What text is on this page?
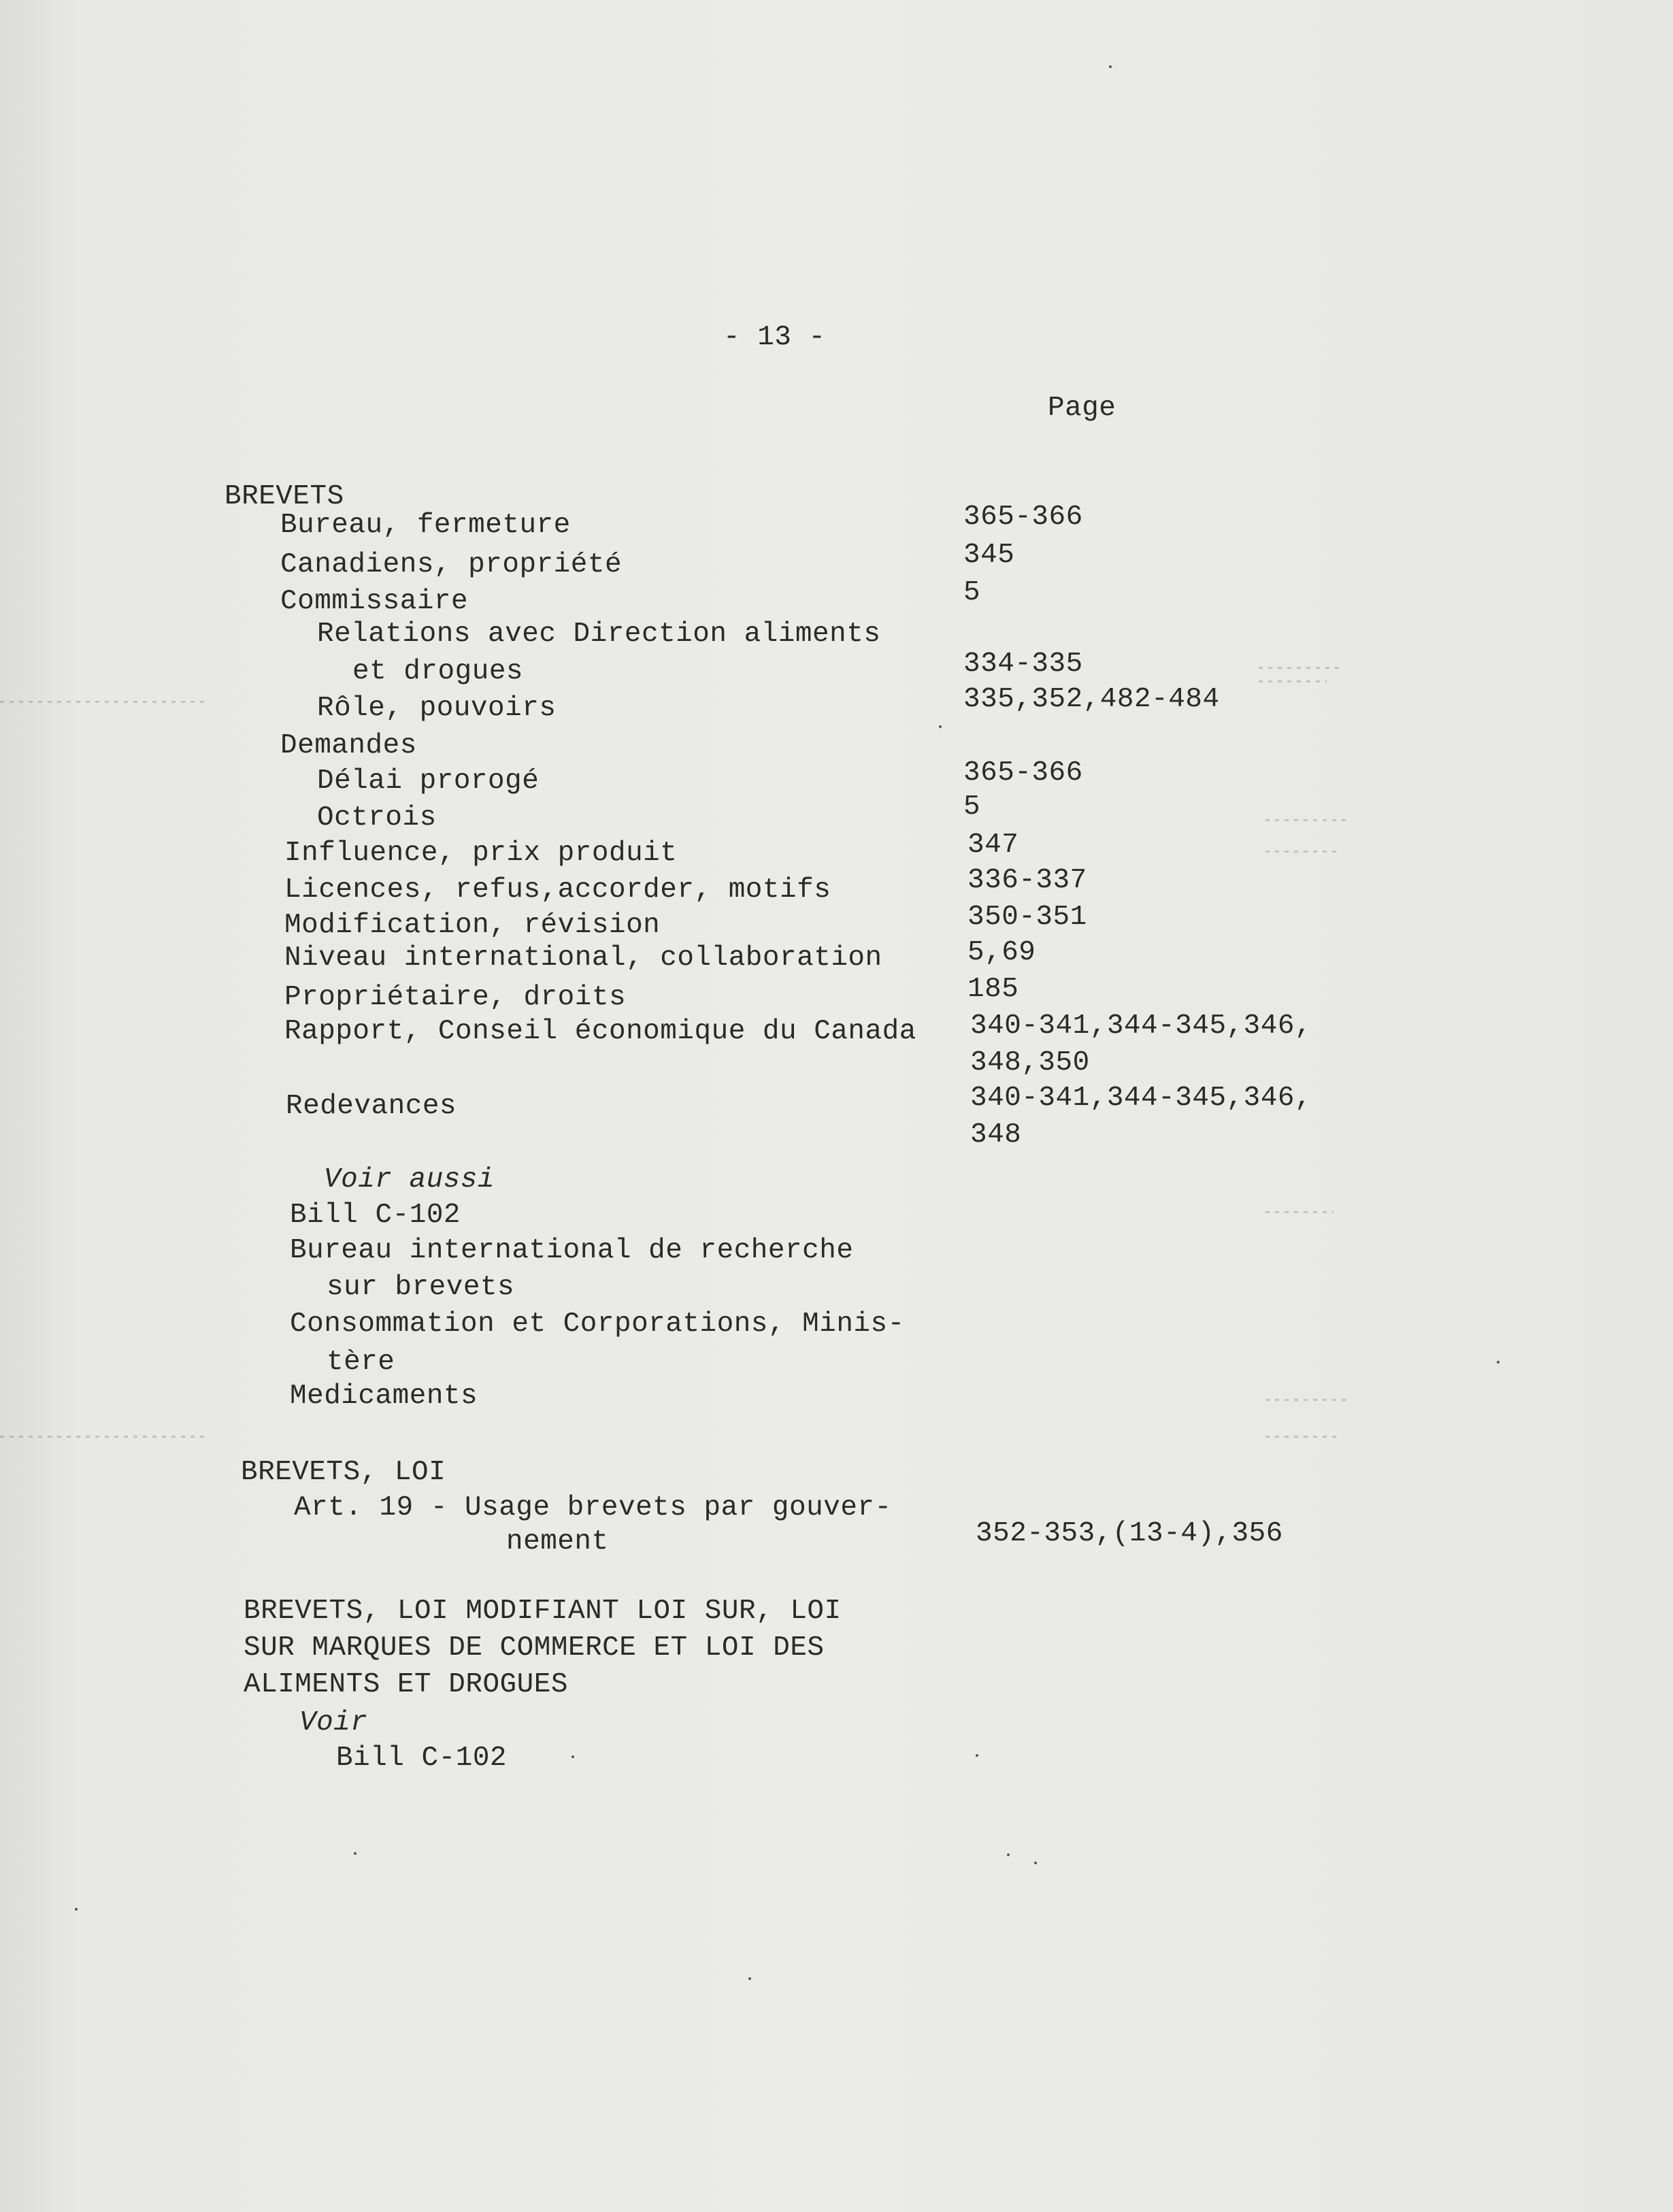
- 13 -
Page
BREVETS
Bureau, fermeture	365-366
Canadiens, propriété	345
Commissaire	5
Relations avec Direction aliments
et drogues	334-335
Rôle, pouvoirs	335,352,482-484
Demandes
Délai prorogé	365-366
Octrois	5
Influence, prix produit	347
Licences, refus,accorder, motifs	336-337
Modification, révision	350-351
Niveau international, collaboration	5,69
Propriétaire, droits	185
Rapport, Conseil économique du Canada 340-341,344-345,346,
348,350
Redevances	340-341,344-345,346,
348
Voir aussi
Bill C-102
Bureau international de recherche
sur brevets
Consommation et Corporations, Minis-
tère
Medicaments
BREVETS, LOI
Art. 19 - Usage brevets par gouver-
nement	352-353,(13-4),356
BREVETS, LOI MODIFIANT LOI SUR, LOI
SUR MARQUES DE COMMERCE ET LOI DES
ALIMENTS ET DROGUES
Voir
Bill C-102
